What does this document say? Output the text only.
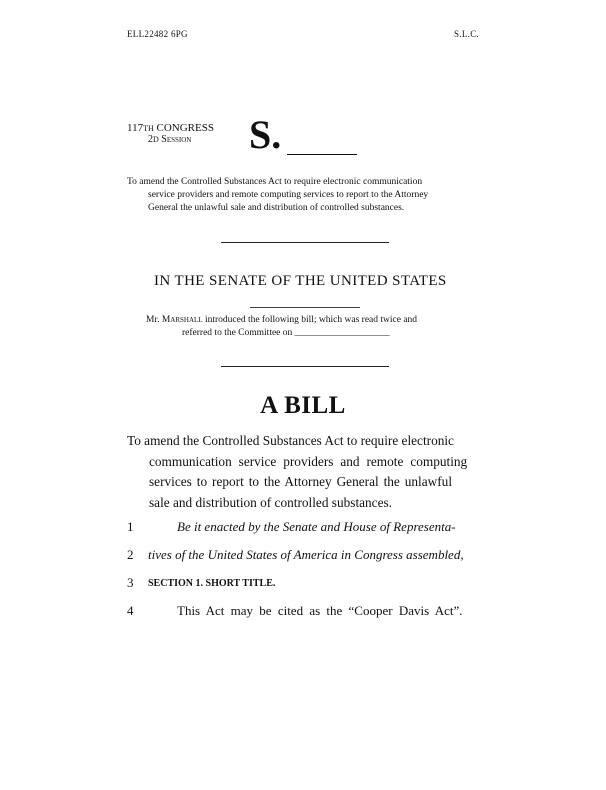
ELL22482 6PG	S.L.C.
117TH CONGRESS
2D Session S.
To amend the Controlled Substances Act to require electronic communication
service providers and remote computing services to report to the Attorney
General the unlawful sale and distribution of controlled substances.
IN THE SENATE OF THE UNITED STATES
Mr. Marshall introduced the following bill; which was read twice and
referred to the Committee on ____________________
A BILL
To amend the Controlled Substances Act to require electronic
communication service providers and remote computing
services to report to the Attorney General the unlawful
sale and distribution of controlled substances.
1	Be it enacted by the Senate and House of Representa-
2	tives of the United States of America in Congress assembled,
3	SECTION 1. SHORT TITLE.
4	This Act may be cited as the “Cooper Davis Act”.
